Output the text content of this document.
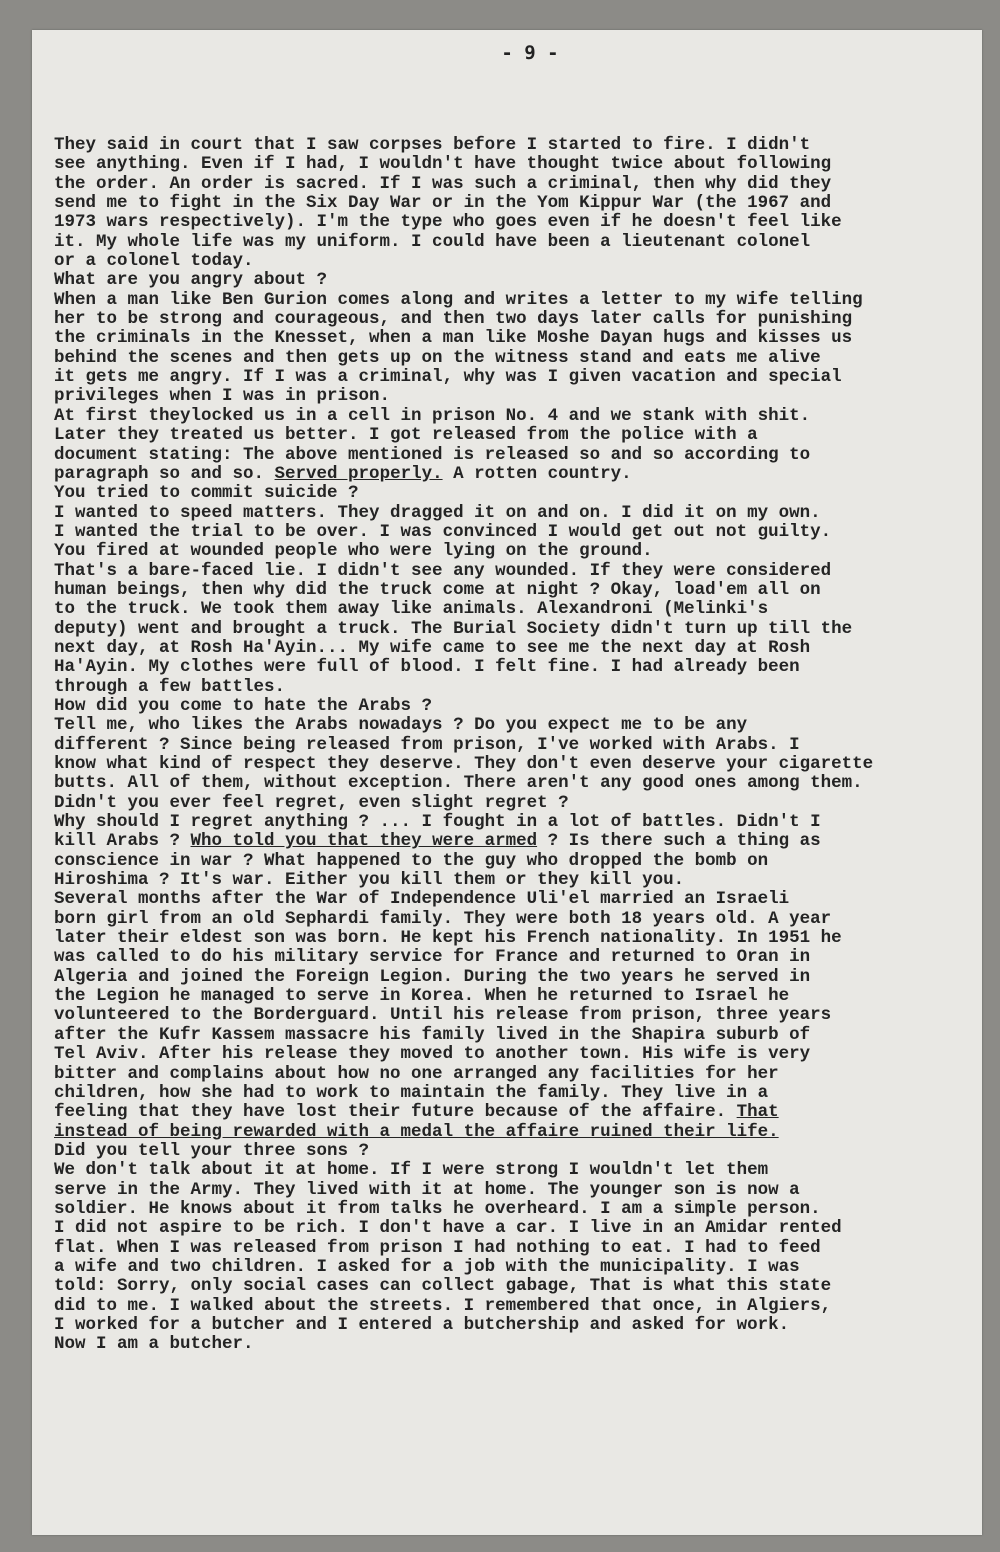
- 9 -
They said in court that I saw corpses before I started to fire. I didn't
see anything. Even if I had, I wouldn't have thought twice about following
the order. An order is sacred. If I was such a criminal, then why did they
send me to fight in the Six Day War or in the Yom Kippur War (the 1967 and
1973 wars respectively). I'm the type who goes even if he doesn't feel like
it. My whole life was my uniform. I could have been a lieutenant colonel
or a colonel today.
What are you angry about ?
When a man like Ben Gurion comes along and writes a letter to my wife telling
her to be strong and courageous, and then two days later calls for punishing
the criminals in the Knesset, when a man like Moshe Dayan hugs and kisses us
behind the scenes and then gets up on the witness stand and eats me alive
it gets me angry. If I was a criminal, why was I given vacation and special
privileges when I was in prison.
At first theylocked us in a cell in prison No. 4 and we stank with shit.
Later they treated us better. I got released from the police with a
document stating: The above mentioned is released so and so according to
paragraph so and so. Served properly. A rotten country.
You tried to commit suicide ?
I wanted to speed matters. They dragged it on and on. I did it on my own.
I wanted the trial to be over. I was convinced I would get out not guilty.
You fired at wounded people who were lying on the ground.
That's a bare-faced lie. I didn't see any wounded. If they were considered
human beings, then why did the truck come at night ? Okay, load'em all on
to the truck. We took them away like animals. Alexandroni (Melinki's
deputy) went and brought a truck. The Burial Society didn't turn up till the
next day, at Rosh Ha'Ayin... My wife came to see me the next day at Rosh
Ha'Ayin. My clothes were full of blood. I felt fine. I had already been
through a few battles.
How did you come to hate the Arabs ?
Tell me, who likes the Arabs nowadays ? Do you expect me to be any
different ? Since being released from prison, I've worked with Arabs. I
know what kind of respect they deserve. They don't even deserve your cigarette
butts. All of them, without exception. There aren't any good ones among them.
Didn't you ever feel regret, even slight regret ?
Why should I regret anything ? ... I fought in a lot of battles. Didn't I
kill Arabs ? Who told you that they were armed ? Is there such a thing as
conscience in war ? What happened to the guy who dropped the bomb on
Hiroshima ? It's war. Either you kill them or they kill you.
Several months after the War of Independence Uli'el married an Israeli
born girl from an old Sephardi family. They were both 18 years old. A year
later their eldest son was born. He kept his French nationality. In 1951 he
was called to do his military service for France and returned to Oran in
Algeria and joined the Foreign Legion. During the two years he served in
the Legion he managed to serve in Korea. When he returned to Israel he
volunteered to the Borderguard. Until his release from prison, three years
after the Kufr Kassem massacre his family lived in the Shapira suburb of
Tel Aviv. After his release they moved to another town. His wife is very
bitter and complains about how no one arranged any facilities for her
children, how she had to work to maintain the family. They live in a
feeling that they have lost their future because of the affaire. That
instead of being rewarded with a medal the affaire ruined their life.
Did you tell your three sons ?
We don't talk about it at home. If I were strong I wouldn't let them
serve in the Army. They lived with it at home. The younger son is now a
soldier. He knows about it from talks he overheard. I am a simple person.
I did not aspire to be rich. I don't have a car. I live in an Amidar rented
flat. When I was released from prison I had nothing to eat. I had to feed
a wife and two children. I asked for a job with the municipality. I was
told: Sorry, only social cases can collect gabage, That is what this state
did to me. I walked about the streets. I remembered that once, in Algiers,
I worked for a butcher and I entered a butchership and asked for work.
Now I am a butcher.
